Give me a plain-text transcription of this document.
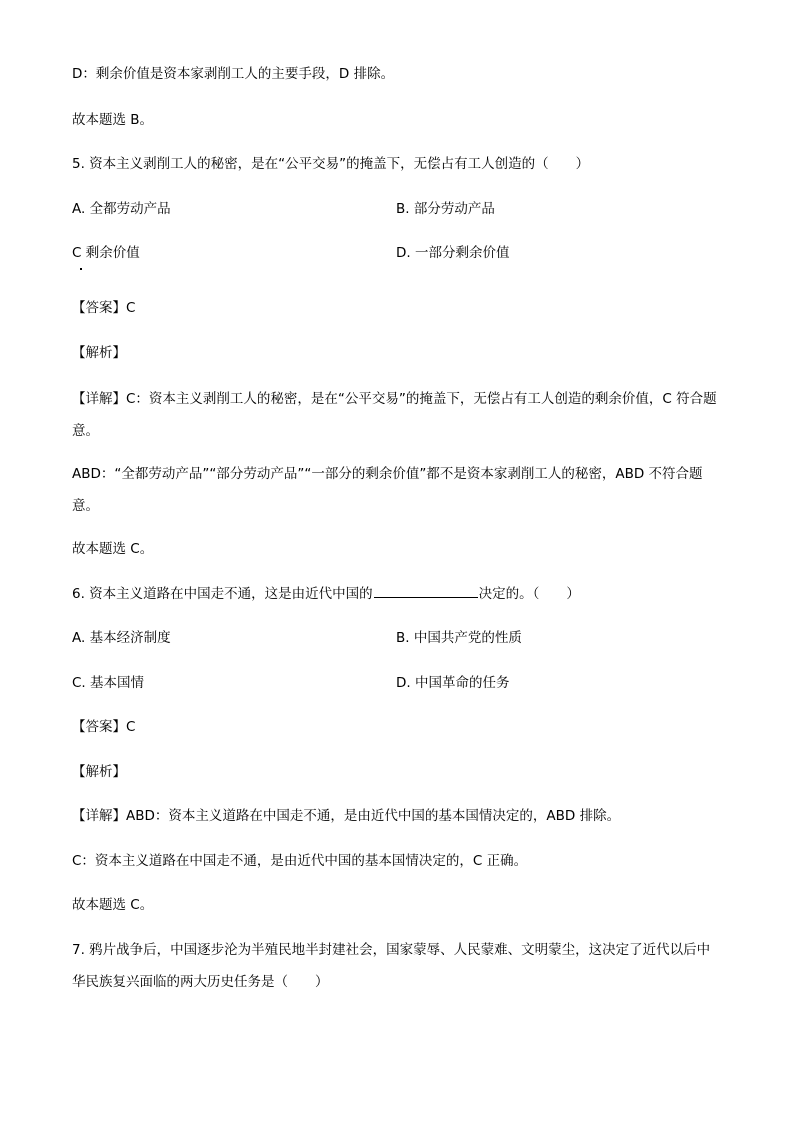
D：剩余价值是资本家剥削工人的主要手段，D 排除。
故本题选 B。
5. 资本主义剥削工人的秘密，是在“公平交易”的掩盖下，无偿占有工人创造的（　　）
A. 全都劳动产品	B. 部分劳动产品
C 剩余价值	D. 一部分剩余价值
【答案】C
【解析】
【详解】C：资本主义剥削工人的秘密，是在“公平交易”的掩盖下，无偿占有工人创造的剩余价值，C 符合题意。
ABD：“全都劳动产品”“部分劳动产品”“一部分的剩余价值”都不是资本家剥削工人的秘密，ABD 不符合题意。
故本题选 C。
6. 资本主义道路在中国走不通，这是由近代中国的	决定的。（　　）
A. 基本经济制度	B. 中国共产党的性质
C. 基本国情	D. 中国革命的任务
【答案】C
【解析】
【详解】ABD：资本主义道路在中国走不通，是由近代中国的基本国情决定的，ABD 排除。
C：资本主义道路在中国走不通，是由近代中国的基本国情决定的，C 正确。
故本题选 C。
7. 鸦片战争后，中国逐步沦为半殖民地半封建社会，国家蒙辱、人民蒙难、文明蒙尘，这决定了近代以后中华民族复兴面临的两大历史任务是（　　）
